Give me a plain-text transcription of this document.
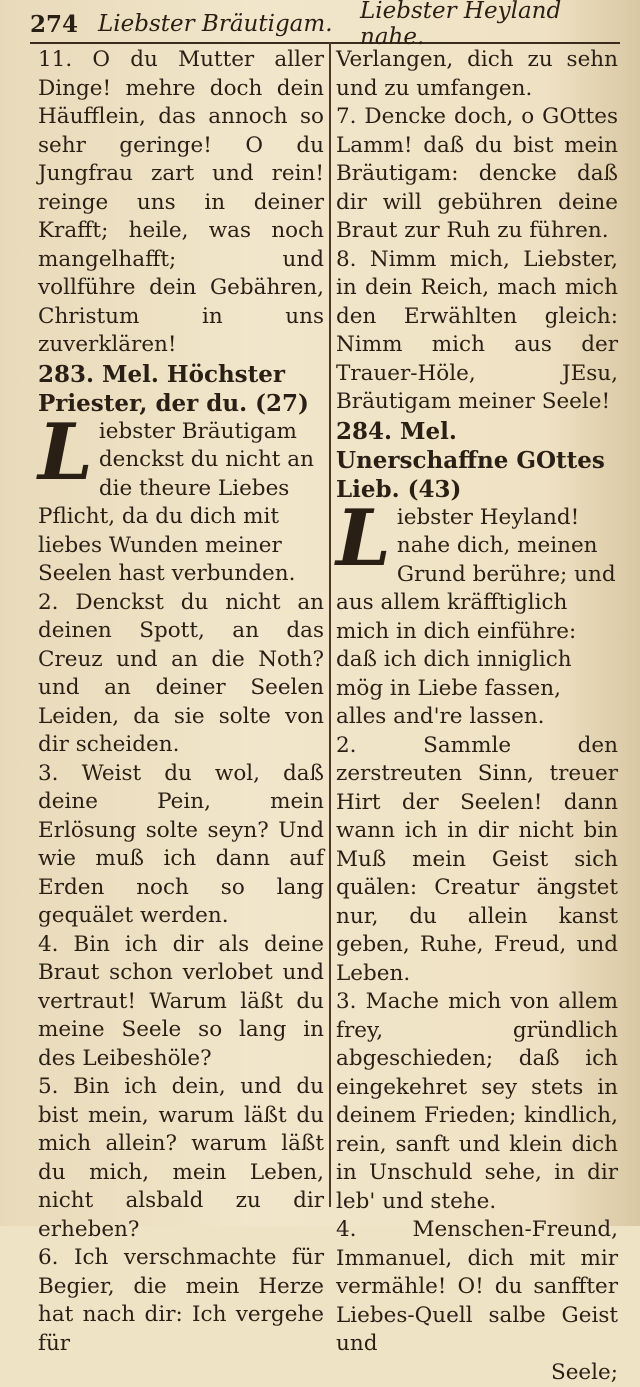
274 Liebster Bräutigam.	Liebster Heyland nahe.

11. O du Mutter aller Dinge! mehre doch dein Häufflein, das annoch so sehr geringe! O du Jungfrau zart und rein! reinge uns in deiner Krafft; heile, was noch mangelhafft; und vollführe dein Gebähren, Christum in uns zuverklären!

283. Mel. Höchster Priester, der du. (27)

L iebster Bräutigam denckst du nicht an die theure Liebes Pflicht, da du dich mit liebes Wunden meiner Seelen hast verbunden.

2. Denckst du nicht an deinen Spott, an das Creuz und an die Noth? und an deiner Seelen Leiden, da sie solte von dir scheiden.

3. Weist du wol, daß deine Pein, mein Erlösung solte seyn? Und wie muß ich dann auf Erden noch so lang gequälet werden.

4. Bin ich dir als deine Braut schon verlobet und vertraut! Warum läßt du meine Seele so lang in des Leibeshöle?

5. Bin ich dein, und du bist mein, warum läßt du mich allein? warum läßt du mich, mein Leben, nicht alsbald zu dir erheben?

6. Ich verschmachte für Begier, die mein Herze hat nach dir: Ich vergehe für

Verlangen, dich zu sehn und zu umfangen.

7. Dencke doch, o GOttes Lamm! daß du bist mein Bräutigam: dencke daß dir will gebühren deine Braut zur Ruh zu führen.

8. Nimm mich, Liebster, in dein Reich, mach mich den Erwählten gleich: Nimm mich aus der Trauer-Höle, JEsu, Bräutigam meiner Seele!

284. Mel. Unerschaffne GOttes Lieb. (43)

L iebster Heyland! nahe dich, meinen Grund berühre; und aus allem kräfftiglich mich in dich einführe: daß ich dich inniglich mög in Liebe fassen, alles and're lassen.

2. Sammle den zerstreuten Sinn, treuer Hirt der Seelen! dann wann ich in dir nicht bin Muß mein Geist sich quälen: Creatur ängstet nur, du allein kanst geben, Ruhe, Freud, und Leben.

3. Mache mich von allem frey, gründlich abgeschieden; daß ich eingekehret sey stets in deinem Frieden; kindlich, rein, sanft und klein dich in Unschuld sehe, in dir leb' und stehe.

4. Menschen-Freund, Immanuel, dich mit mir vermähle! O! du sanffter Liebes-Quell salbe Geist und

Seele;
